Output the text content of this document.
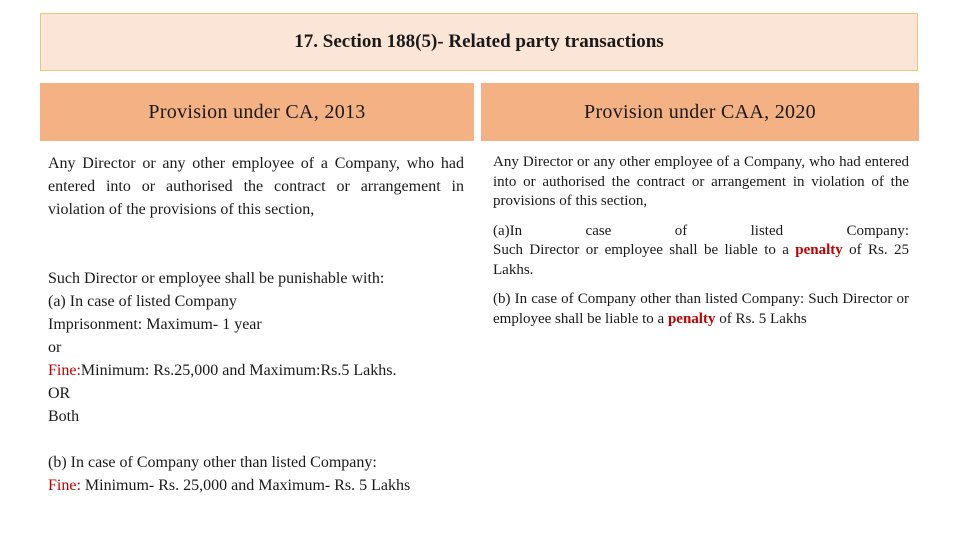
17. Section 188(5)- Related party transactions
Provision under CA, 2013	Provision under CAA, 2020

Any Director or any other employee of a Company, who had entered into or authorised the contract or arrangement in violation of the provisions of this section,

Such Director or employee shall be punishable with:

(a) In case of listed Company

Imprisonment: Maximum- 1 year

or

Fine:Minimum: Rs.25,000 and Maximum:Rs.5 Lakhs.

OR

Both

(b) In case of Company other than listed Company:

Fine: Minimum- Rs. 25,000 and Maximum- Rs. 5 Lakhs

Any Director or any other employee of a Company, who had entered into or authorised the contract or arrangement in violation of the provisions of this section,

(a)In case of listed Company:

Such Director or employee shall be liable to a penalty of Rs. 25 Lakhs.

(b) In case of Company other than listed Company: Such Director or employee shall be liable to a penalty of Rs. 5 Lakhs
